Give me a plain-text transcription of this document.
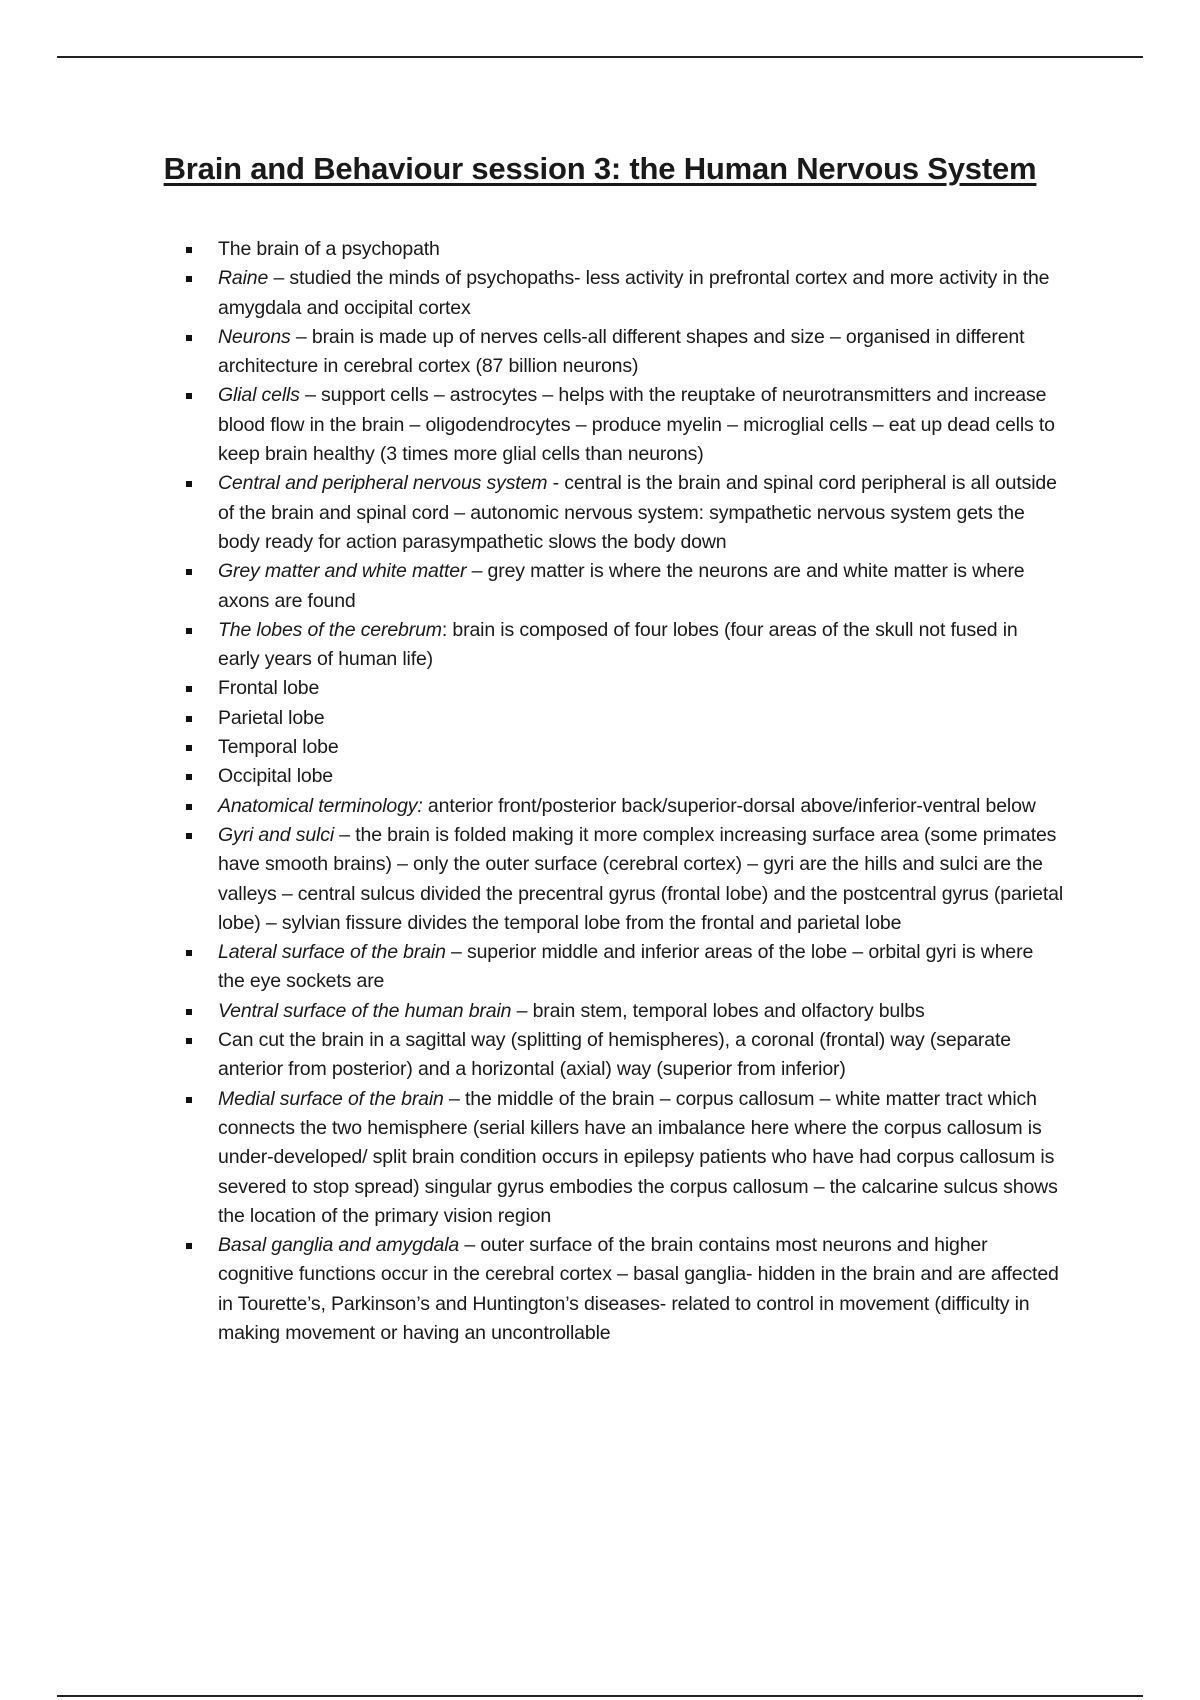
Brain and Behaviour session 3: the Human Nervous System
The brain of a psychopath
Raine – studied the minds of psychopaths- less activity in prefrontal cortex and more activity in the amygdala and occipital cortex
Neurons – brain is made up of nerves cells-all different shapes and size – organised in different architecture in cerebral cortex (87 billion neurons)
Glial cells – support cells – astrocytes – helps with the reuptake of neurotransmitters and increase blood flow in the brain – oligodendrocytes – produce myelin – microglial cells – eat up dead cells to keep brain healthy (3 times more glial cells than neurons)
Central and peripheral nervous system - central is the brain and spinal cord peripheral is all outside of the brain and spinal cord – autonomic nervous system: sympathetic nervous system gets the body ready for action parasympathetic slows the body down
Grey matter and white matter – grey matter is where the neurons are and white matter is where axons are found
The lobes of the cerebrum: brain is composed of four lobes (four areas of the skull not fused in early years of human life)
Frontal lobe
Parietal lobe
Temporal lobe
Occipital lobe
Anatomical terminology: anterior front/posterior back/superior-dorsal above/inferior-ventral below
Gyri and sulci – the brain is folded making it more complex increasing surface area (some primates have smooth brains) – only the outer surface (cerebral cortex) – gyri are the hills and sulci are the valleys – central sulcus divided the precentral gyrus (frontal lobe) and the postcentral gyrus (parietal lobe) – sylvian fissure divides the temporal lobe from the frontal and parietal lobe
Lateral surface of the brain – superior middle and inferior areas of the lobe – orbital gyri is where the eye sockets are
Ventral surface of the human brain – brain stem, temporal lobes and olfactory bulbs
Can cut the brain in a sagittal way (splitting of hemispheres), a coronal (frontal) way (separate anterior from posterior) and a horizontal (axial) way (superior from inferior)
Medial surface of the brain – the middle of the brain – corpus callosum – white matter tract which connects the two hemisphere (serial killers have an imbalance here where the corpus callosum is under-developed/ split brain condition occurs in epilepsy patients who have had corpus callosum is severed to stop spread) singular gyrus embodies the corpus callosum – the calcarine sulcus shows the location of the primary vision region
Basal ganglia and amygdala – outer surface of the brain contains most neurons and higher cognitive functions occur in the cerebral cortex – basal ganglia- hidden in the brain and are affected in Tourette’s, Parkinson’s and Huntington’s diseases- related to control in movement (difficulty in making movement or having an uncontrollable
